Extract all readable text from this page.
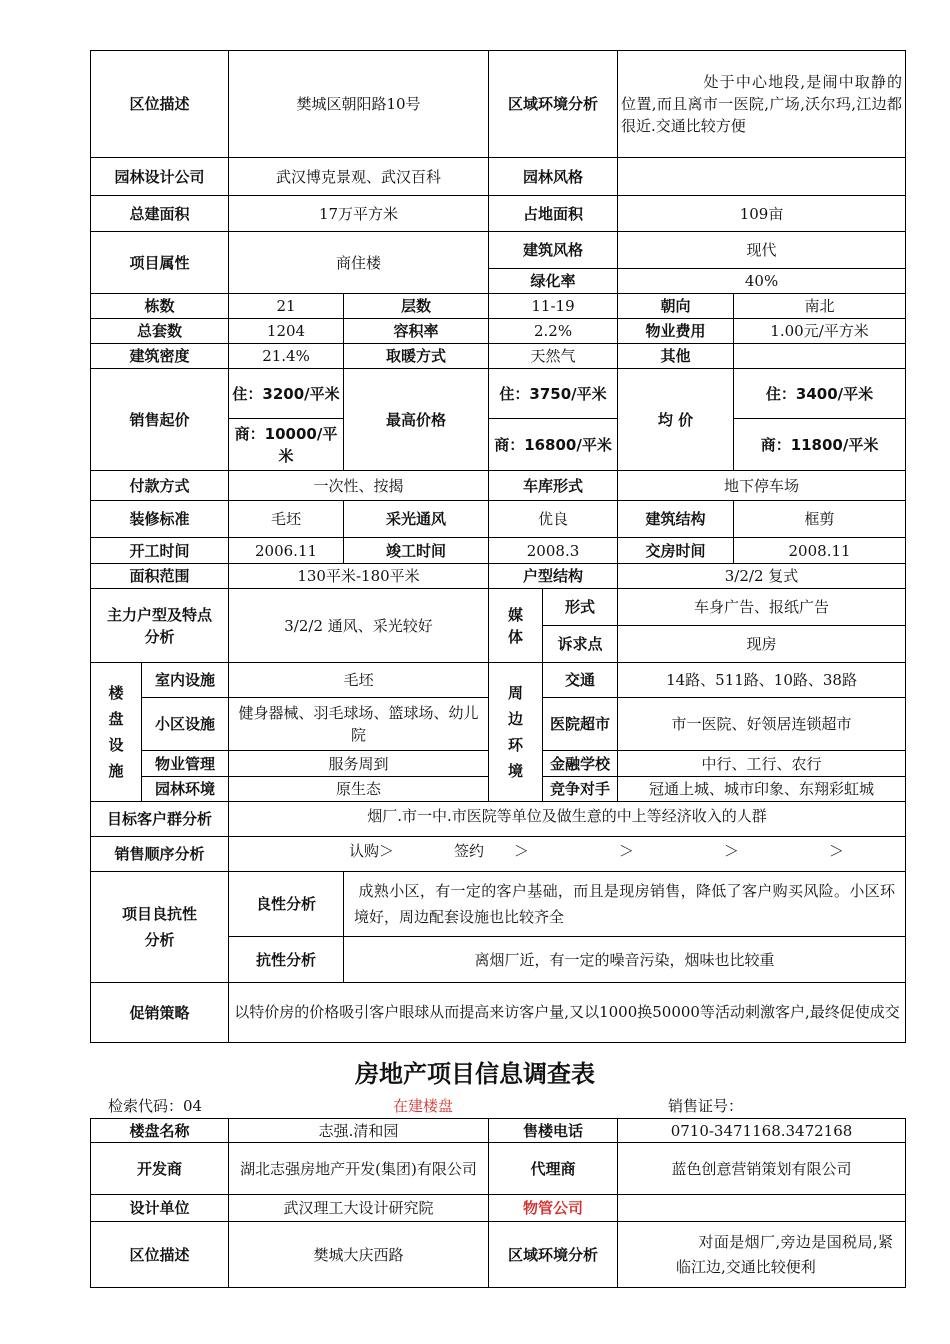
区位描述		樊城区朝阳路10号		区域环境分析		处于中心地段,是闹中取静的位置,而且离市一医院,广场,沃尔玛,江边都很近.交通比较方便	

园林设计公司		武汉博克景观、武汉百科		园林风格			
总建面积		17万平方米		占地面积		109亩	
项目属性		商住楼		建筑风格		现代	
				绿化率		40%	
栋数		21	层数	11-19		朝向	南北
总套数		1204	容积率	2.2%		物业费用	1.00元/平方米
建筑密度		21.4%	取暖方式	天然气		其他	
销售起价		住：3200/平米	最高价格	住：3750/平米		均 价	住：3400/平米
		商：10000/平米		商：16800/平米			商：11800/平米
付款方式		一次性、按揭		车库形式		地下停车场	
装修标准		毛坯	采光通风	优良		建筑结构	框剪
开工时间		2006.11	竣工时间	2008.3		交房时间	2008.11
面积范围		130平米-180平米		户型结构		3/2/2 复式	

主力户型及特点分析		3/2/2 通风、采光较好		媒体	形式	车身广告、报纸广告	
					诉求点	现房	

楼盘设施	室内设施	毛坯		周边环境	交通	14路、511路、10路、38路	
	小区设施	健身器械、羽毛球场、篮球场、幼儿院			医院超市	市一医院、好领居连锁超市	
	物业管理	服务周到			金融学校	中行、工行、农行	
	园林环境	原生态			竞争对手	冠通上城、城市印象、东翔彩虹城	
目标客户群分析		烟厂.市一中.市医院等单位及做生意的中上等经济收入的人群					
销售顺序分析		认购＞　　　　签约　　＞　　　　　　＞　　　　　　＞　　　　　　＞					

项目良抗性分析		良性分析	成熟小区，有一定的客户基础，而且是现房销售，降低了客户购买风险。小区环境好，周边配套设施也比较齐全				

		抗性分析	离烟厂近，有一定的噪音污染，烟味也比较重				
促销策略		以特价房的价格吸引客户眼球从而提高来访客户量,又以1000换50000等活动刺激客户,最终促使成交					
房地产项目信息调查表
检索代码：04	在建楼盘	销售证号：
楼盘名称	志强.清和园	售楼电话	0710-3471168.3472168
开发商	湖北志强房地产开发(集团)有限公司	代理商	蓝色创意营销策划有限公司
设计单位	武汉理工大设计研究院	物管公司	
区位描述	樊城大庆西路	区域环境分析	对面是烟厂,旁边是国税局,紧临江边,交通比较便利
